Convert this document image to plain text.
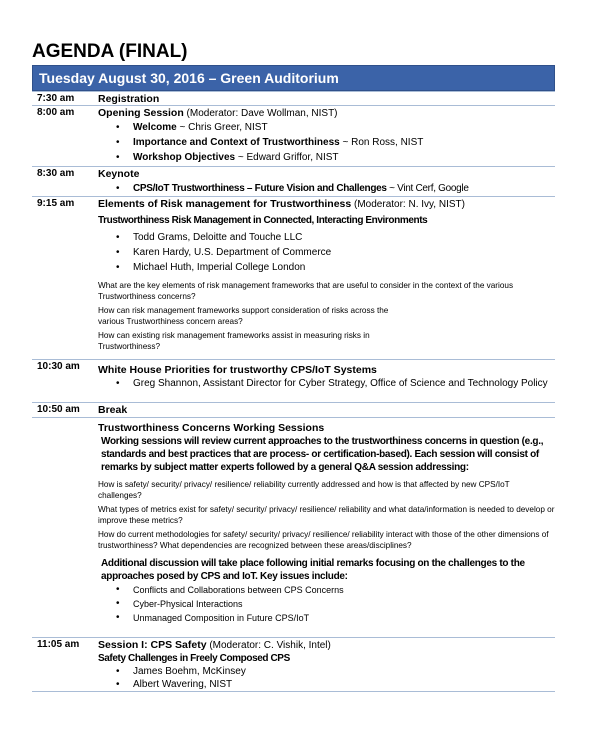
AGENDA (FINAL)
Tuesday August 30, 2016 – Green Auditorium
7:30 am Registration
8:00 am Opening Session (Moderator: Dave Wollman, NIST)
• Welcome ~ Chris Greer, NIST
• Importance and Context of Trustworthiness ~ Ron Ross, NIST
• Workshop Objectives ~ Edward Griffor, NIST
8:30 am Keynote
• CPS/IoT Trustworthiness – Future Vision and Challenges ~ Vint Cerf, Google
9:15 am Elements of Risk management for Trustworthiness (Moderator: N. Ivy, NIST)
Trustworthiness Risk Management in Connected, Interacting Environments
• Todd Grams, Deloitte and Touche LLC
• Karen Hardy, U.S. Department of Commerce
• Michael Huth, Imperial College London

What are the key elements of risk management frameworks that are useful to consider in the context of the various Trustworthiness concerns?

How can risk management frameworks support consideration of risks across the various Trustworthiness concern areas?

How can existing risk management frameworks assist in measuring risks in Trustworthiness?

10:30 am White House Priorities for trustworthy CPS/IoT Systems
• Greg Shannon, Assistant Director for Cyber Strategy, Office of Science and Technology Policy
10:50 am Break
Trustworthiness Concerns Working Sessions

Working sessions will review current approaches to the trustworthiness concerns in question (e.g., standards and best practices that are process- or certification-based). Each session will consist of remarks by subject matter experts followed by a general Q&A session addressing:

How is safety/ security/ privacy/ resilience/ reliability currently addressed and how is that affected by new CPS/IoT challenges?

What types of metrics exist for safety/ security/ privacy/ resilience/ reliability and what data/information is needed to develop or improve these metrics?

How do current methodologies for safety/ security/ privacy/ resilience/ reliability interact with those of the other dimensions of trustworthiness? What dependencies are recognized between these areas/disciplines?

Additional discussion will take place following initial remarks focusing on the challenges to the approaches posed by CPS and IoT. Key issues include:

• Conflicts and Collaborations between CPS Concerns
• Cyber-Physical Interactions
• Unmanaged Composition in Future CPS/IoT
11:05 am Session I: CPS Safety (Moderator: C. Vishik, Intel)
Safety Challenges in Freely Composed CPS
• James Boehm, McKinsey
• Albert Wavering, NIST
